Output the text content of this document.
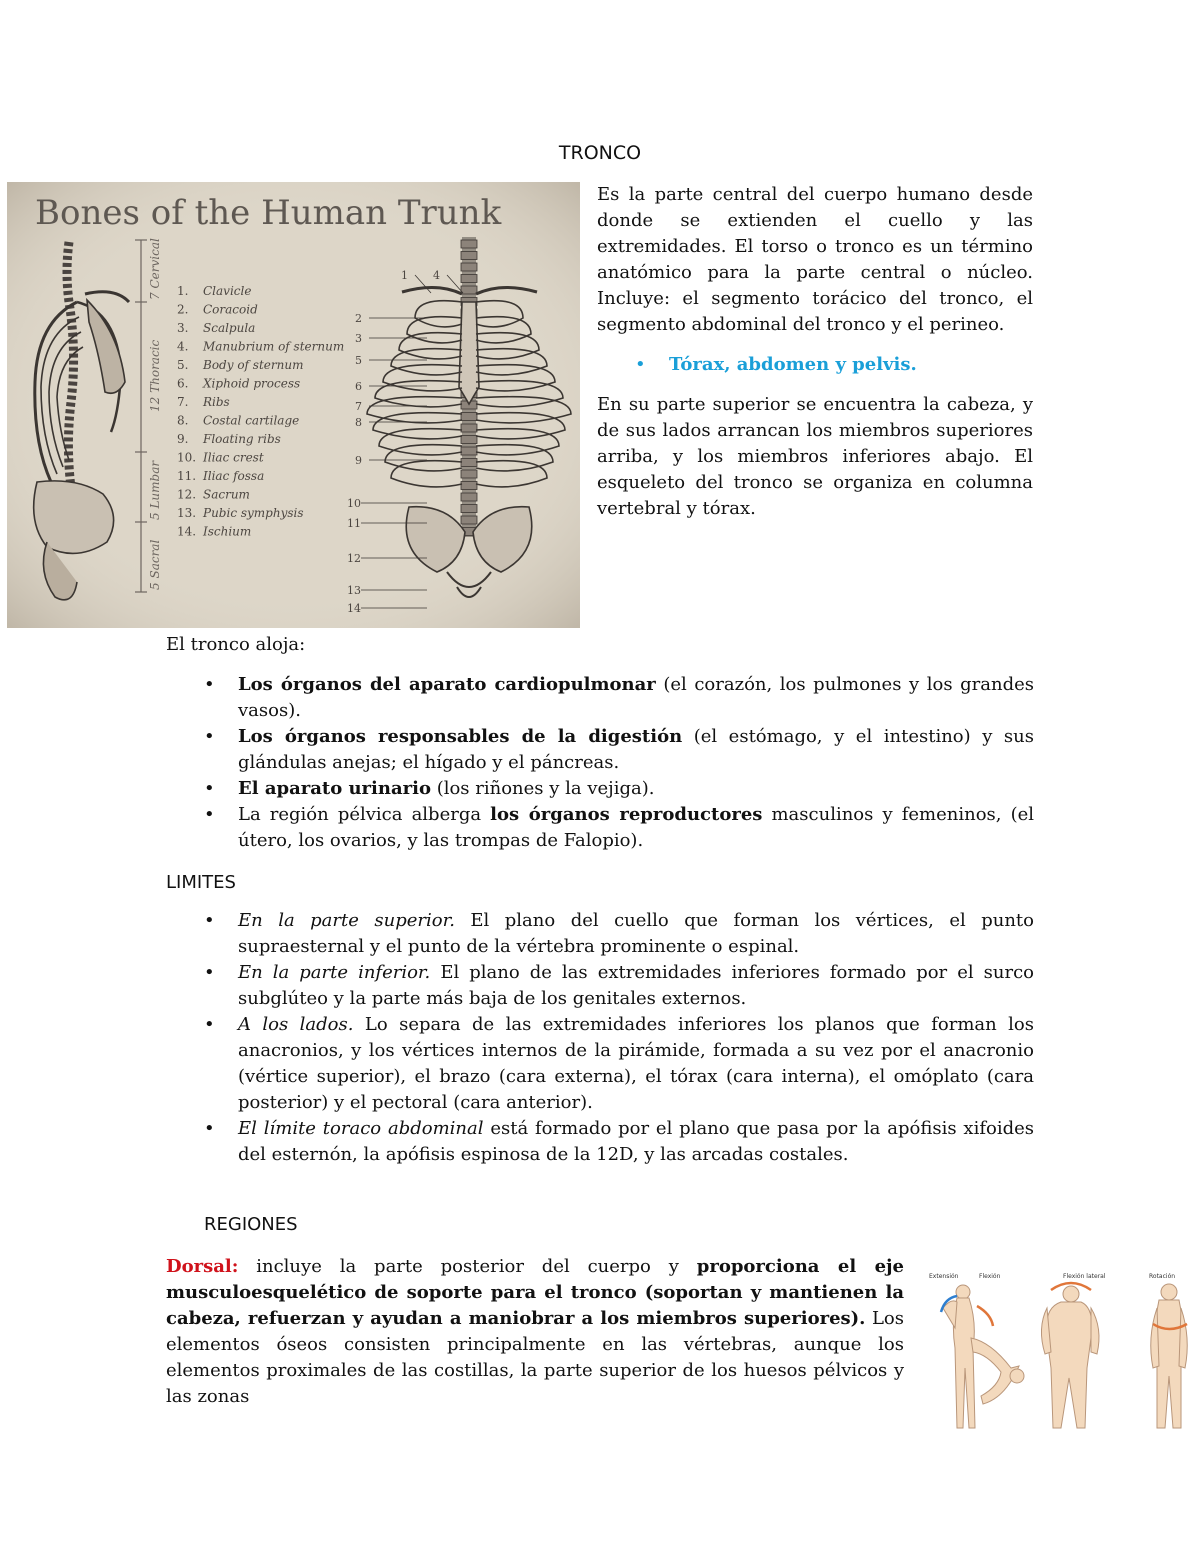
TRONCO
Bones of the Human Trunk
7 Cervical
12 Thoracic
5 Lumbar
5 Sacral
1. Clavicle
2. Coracoid
3. Scalpula
4. Manubrium of sternum
5. Body of sternum
6. Xiphoid process
7. Ribs
8. Costal cartilage
9. Floating ribs
10. Iliac crest
11. Iliac fossa
12. Sacrum
13. Pubic symphysis
14. Ischium
1 4
2
3
5
6
7
8
9
10
11
12
13
14

Es la parte central del cuerpo humano desde donde se extienden el cuello y las extremidades. El torso o tronco es un término anatómico para la parte central o núcleo. Incluye: el segmento torácico del tronco, el segmento abdominal del tronco y el perineo.

• Tórax, abdomen y pelvis.

En su parte superior se encuentra la cabeza, y de sus lados arrancan los miembros superiores arriba, y los miembros inferiores abajo. El esqueleto del tronco se organiza en columna vertebral y tórax.

El tronco aloja:

• Los órganos del aparato cardiopulmonar (el corazón, los pulmones y los grandes vasos).
• Los órganos responsables de la digestión (el estómago, y el intestino) y sus glándulas anejas; el hígado y el páncreas.
• El aparato urinario (los riñones y la vejiga).
• La región pélvica alberga los órganos reproductores masculinos y femeninos, (el útero, los ovarios, y las trompas de Falopio).

LIMITES

• En la parte superior. El plano del cuello que forman los vértices, el punto supraesternal y el punto de la vértebra prominente o espinal.
• En la parte inferior. El plano de las extremidades inferiores formado por el surco subglúteo y la parte más baja de los genitales externos.
• A los lados. Lo separa de las extremidades inferiores los planos que forman los anacronios, y los vértices internos de la pirámide, formada a su vez por el anacronio (vértice superior), el brazo (cara externa), el tórax (cara interna), el omóplato (cara posterior) y el pectoral (cara anterior).
• El límite toraco abdominal está formado por el plano que pasa por la apófisis xifoides del esternón, la apófisis espinosa de la 12D, y las arcadas costales.

REGIONES

Dorsal: incluye la parte posterior del cuerpo y proporciona el eje musculoesquelético de soporte para el tronco (soportan y mantienen la cabeza, refuerzan y ayudan a maniobrar a los miembros superiores). Los elementos óseos consisten principalmente en las vértebras, aunque los elementos proximales de las costillas, la parte superior de los huesos pélvicos y las zonas
Extensión	Flexión	Flexión lateral	Rotación
